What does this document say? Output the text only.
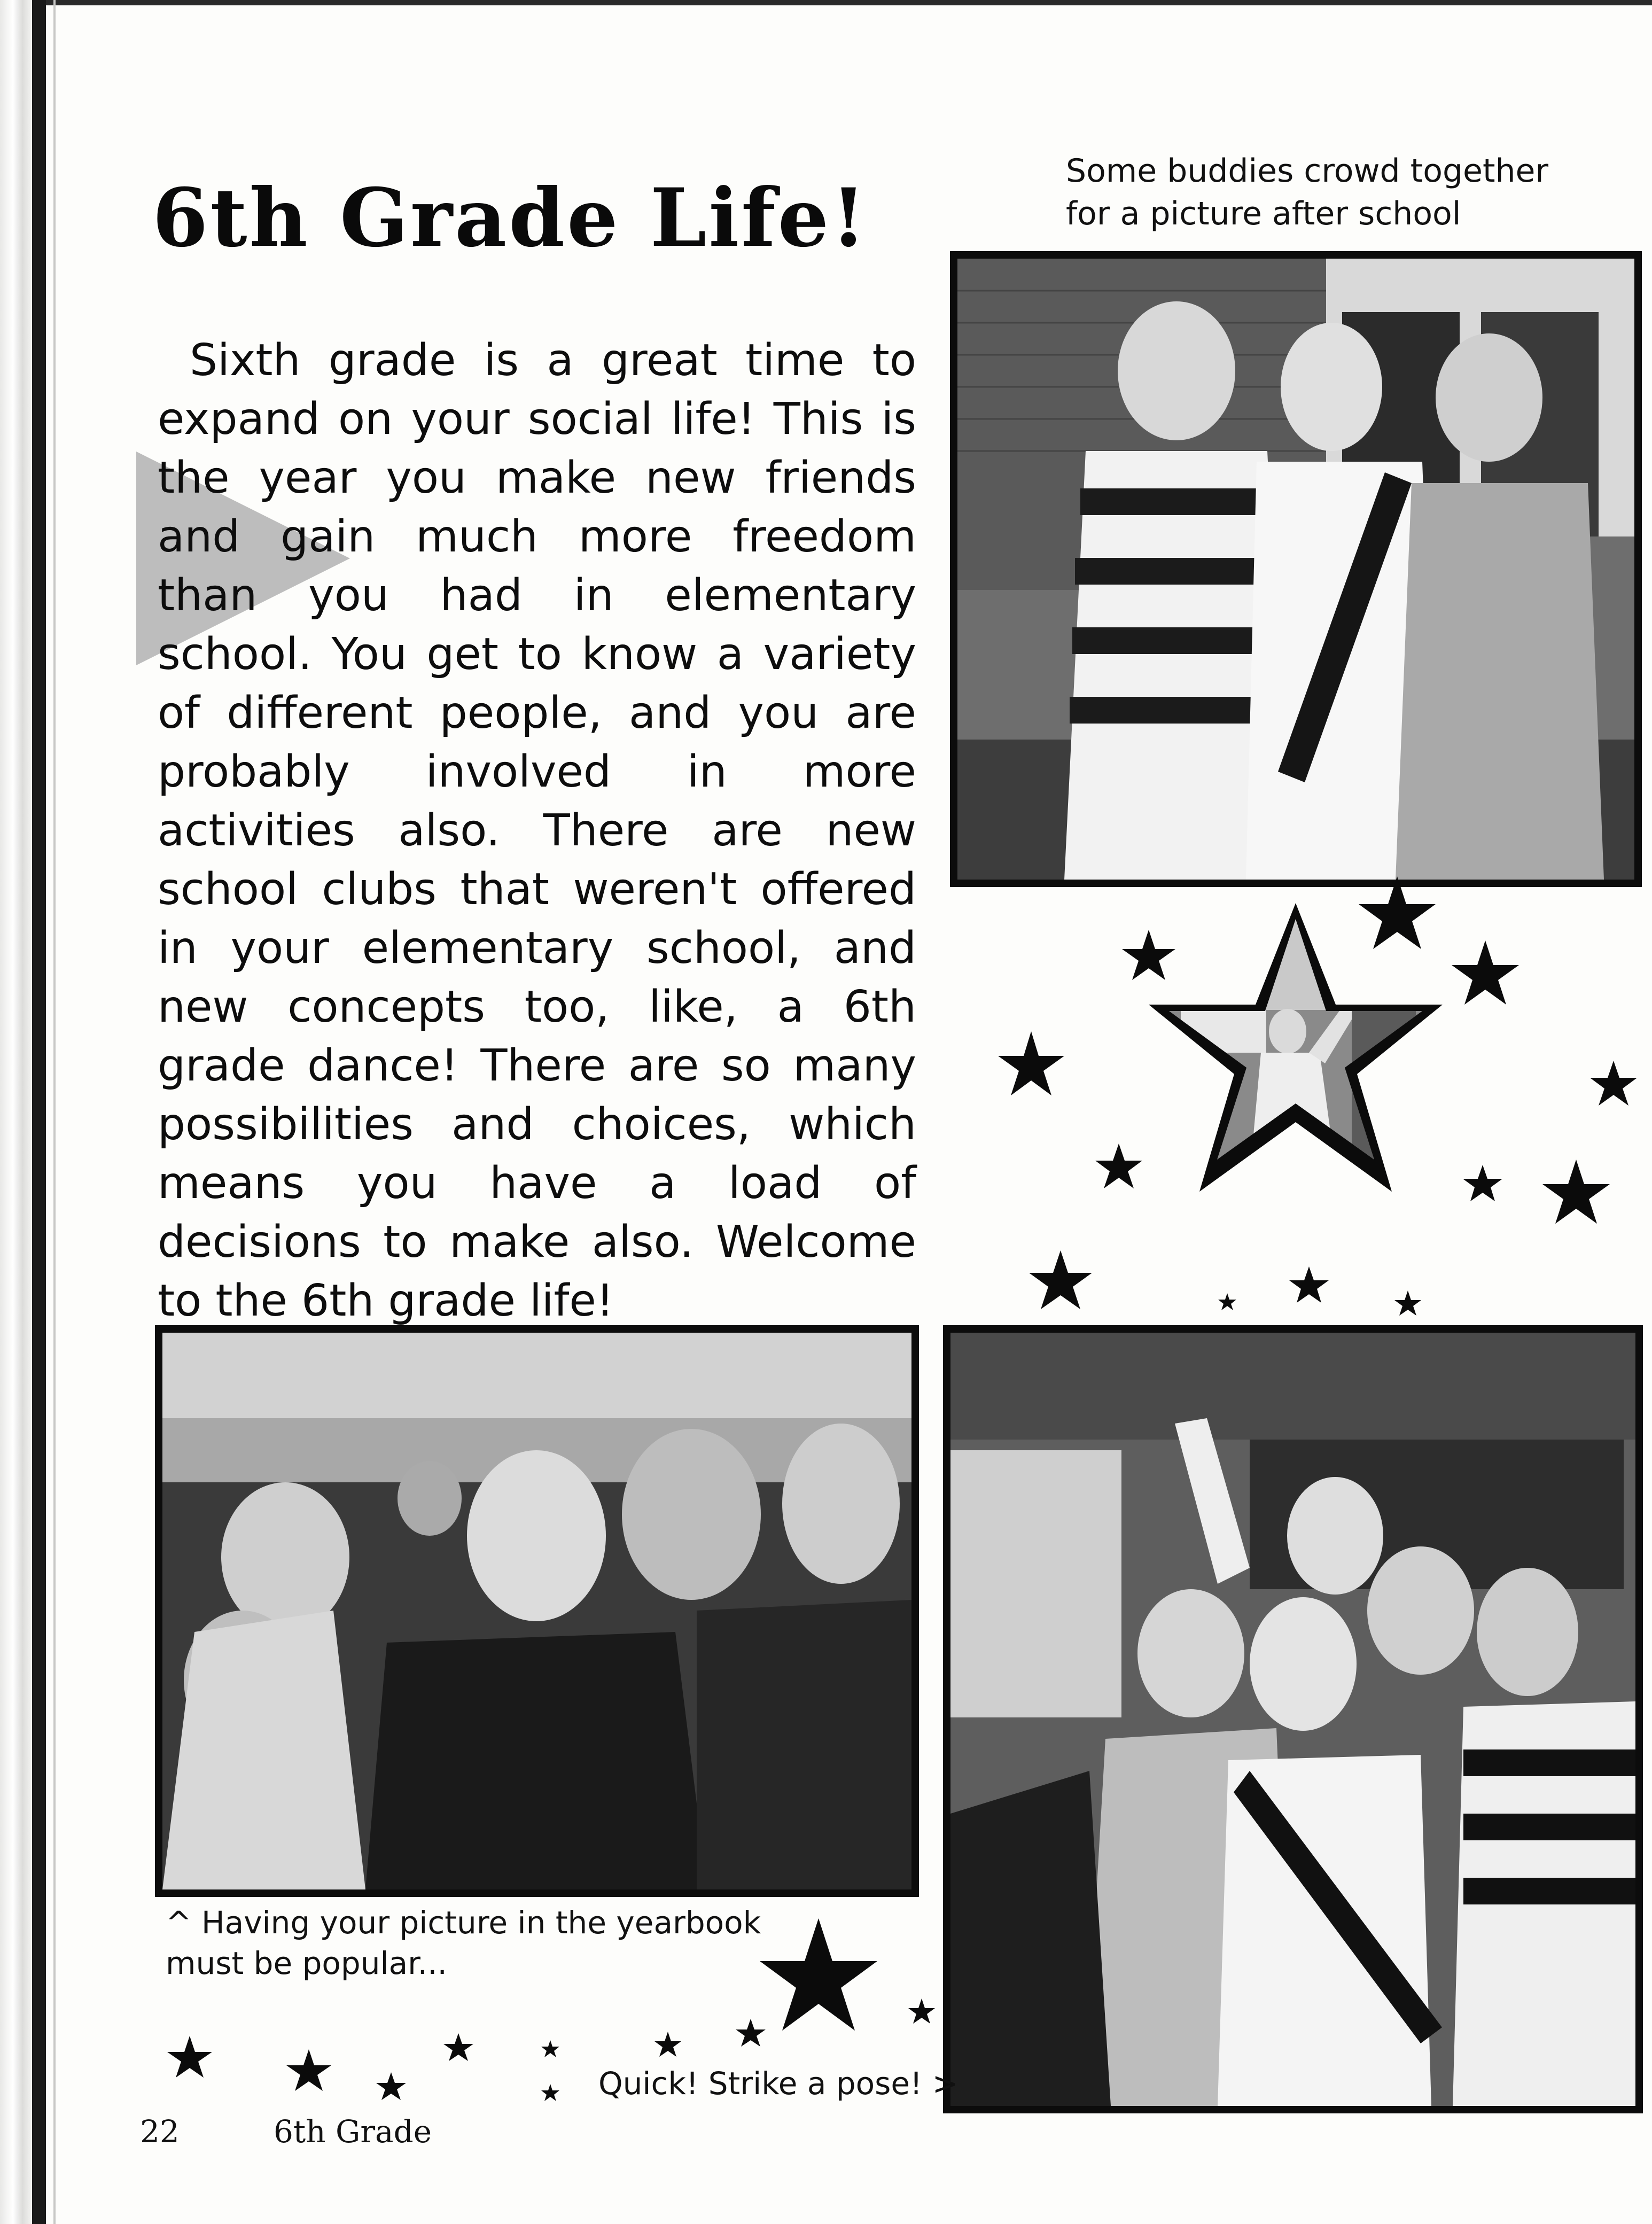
6th Grade Life!
Sixth grade is a great time to expand on your social life! This is the year you make new friends and gain much more freedom than you had in elementary school. You get to know a variety of different people, and you are probably involved in more activities also. There are new school clubs that weren't offered in your elementary school, and new concepts too, like, a 6th grade dance! There are so many possibilities and choices, which means you have a load of decisions to make also. Welcome to the 6th grade life!
Some buddies crowd together for a picture after school
^ Having your picture in the yearbook must be popular...
Quick! Strike a pose! >
22	6th Grade
